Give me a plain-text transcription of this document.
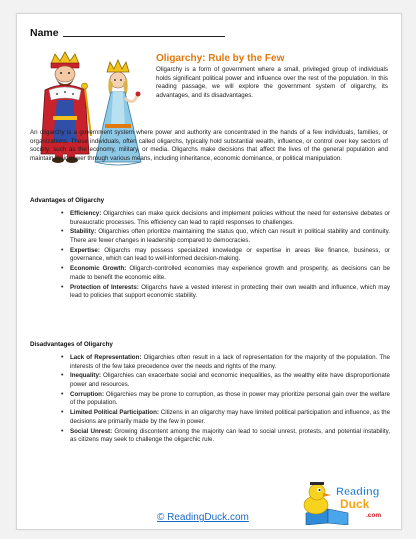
Name
Oligarchy: Rule by the Few

Oligarchy is a form of government where a small, privileged group of individuals holds significant political power and influence over the rest of the population. In this reading passage, we will explore the government system of oligarchy, its advantages, and its disadvantages.

An oligarchy is a government system where power and authority are concentrated in the hands of a few individuals, families, or organizations. These individuals, often called oligarchs, typically hold substantial wealth, influence, or control over key sectors of society, such as the economy, military, or media. Oligarchs make decisions that affect the lives of the general population and maintain their power through various means, including inheritance, economic dominance, or political manipulation.

Advantages of Oligarchy

• Efficiency: Oligarchies can make quick decisions and implement policies without the need for extensive debates or bureaucratic processes. This efficiency can lead to rapid responses to challenges.
• Stability: Oligarchies often prioritize maintaining the status quo, which can result in political stability and continuity. There are fewer changes in leadership compared to democracies.
• Expertise: Oligarchs may possess specialized knowledge or expertise in areas like finance, business, or governance, which can lead to well-informed decision-making.
• Economic Growth: Oligarch-controlled economies may experience growth and prosperity, as decisions can be made to benefit the economic elite.
• Protection of Interests: Oligarchs have a vested interest in protecting their own wealth and influence, which may lead to policies that support economic stability.

Disadvantages of Oligarchy

• Lack of Representation: Oligarchies often result in a lack of representation for the majority of the population. The interests of the few take precedence over the needs and rights of the many.
• Inequality: Oligarchies can exacerbate social and economic inequalities, as the wealthy elite have disproportionate power and resources.
• Corruption: Oligarchies may be prone to corruption, as those in power may prioritize personal gain over the welfare of the population.
• Limited Political Participation: Citizens in an oligarchy may have limited political participation and influence, as the decisions are primarily made by the few in power.
• Social Unrest: Growing discontent among the majority can lead to social unrest, protests, and potential instability, as citizens may seek to challenge the oligarchic rule.
© ReadingDuck.com
Reading
Duck
.com
